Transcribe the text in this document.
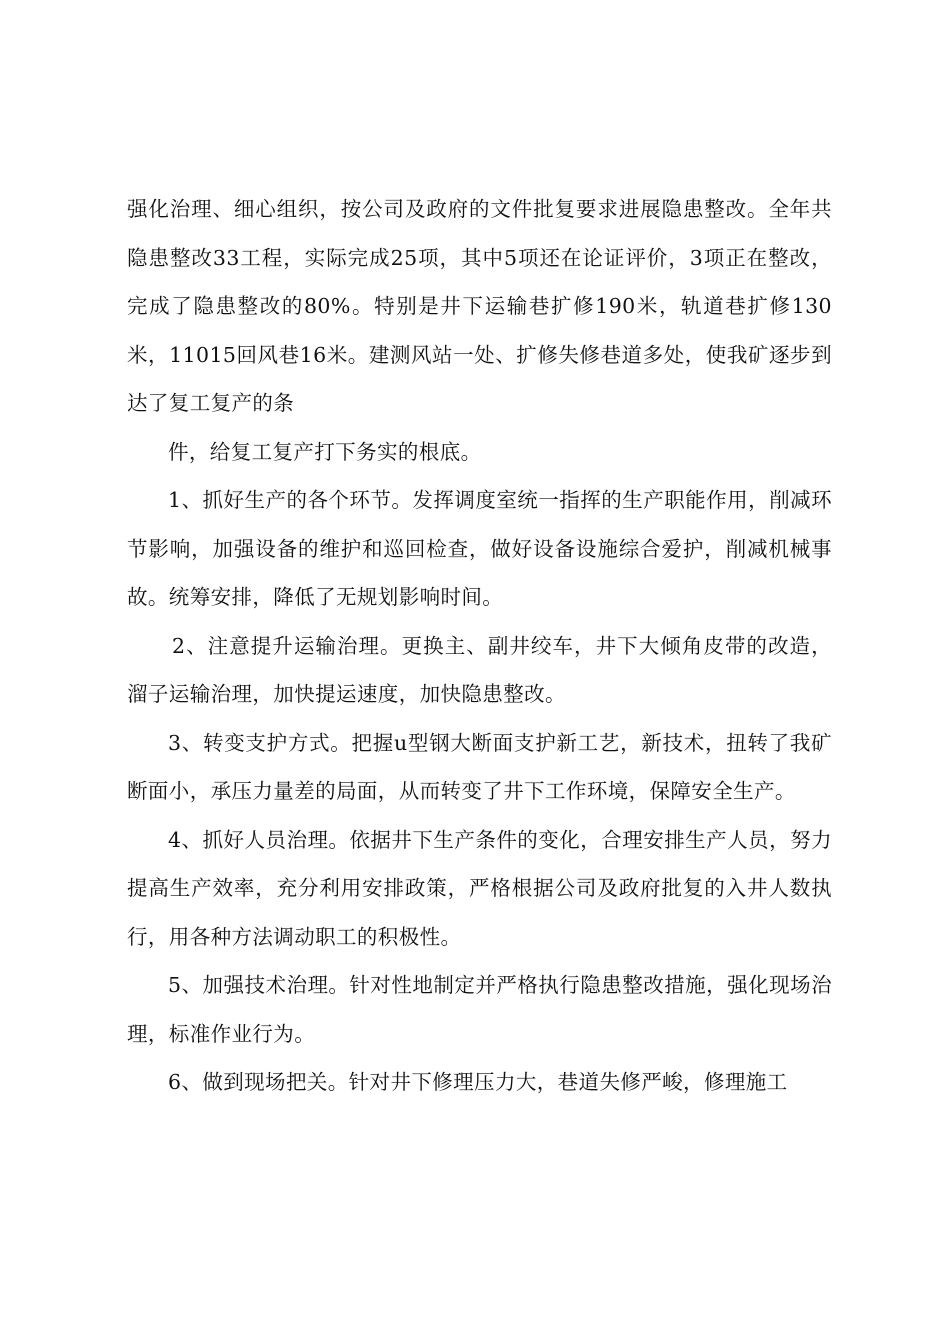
强化治理、细心组织，按公司及政府的文件批复要求进展隐患整改。全年共隐患整改33工程，实际完成25项，其中5项还在论证评价，3项正在整改，完成了隐患整改的80%。特别是井下运输巷扩修190米，轨道巷扩修130米，11015回风巷16米。建测风站一处、扩修失修巷道多处，使我矿逐步到达了复工复产的条

件，给复工复产打下务实的根底。

1、抓好生产的各个环节。发挥调度室统一指挥的生产职能作用，削减环节影响，加强设备的维护和巡回检查，做好设备设施综合爱护，削减机械事故。统筹安排，降低了无规划影响时间。

2、注意提升运输治理。更换主、副井绞车，井下大倾角皮带的改造，溜子运输治理，加快提运速度，加快隐患整改。

3、转变支护方式。把握u型钢大断面支护新工艺，新技术，扭转了我矿断面小，承压力量差的局面，从而转变了井下工作环境，保障安全生产。

4、抓好人员治理。依据井下生产条件的变化，合理安排生产人员，努力提高生产效率，充分利用安排政策，严格根据公司及政府批复的入井人数执行，用各种方法调动职工的积极性。

5、加强技术治理。针对性地制定并严格执行隐患整改措施，强化现场治理，标准作业行为。

6、做到现场把关。针对井下修理压力大，巷道失修严峻，修理施工
